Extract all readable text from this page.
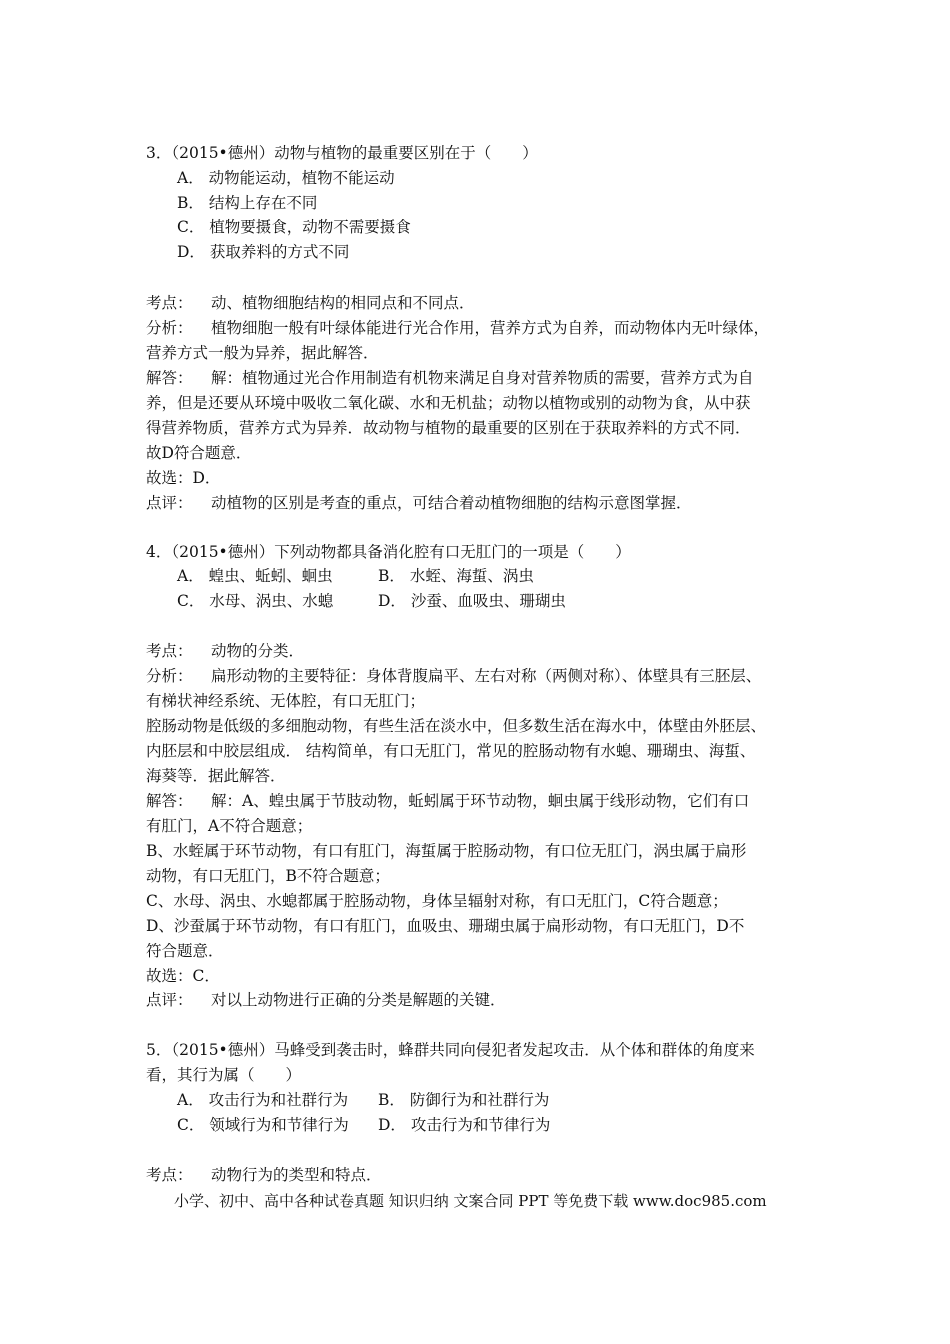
3．（2015•德州）动物与植物的最重要区别在于（　　）
A． 动物能运动，植物不能运动
B． 结构上存在不同
C． 植物要摄食，动物不需要摄食
D． 获取养料的方式不同
考点： 动、植物细胞结构的相同点和不同点．
分析： 植物细胞一般有叶绿体能进行光合作用，营养方式为自养，而动物体内无叶绿体，
营养方式一般为异养，据此解答．
解答： 解：植物通过光合作用制造有机物来满足自身对营养物质的需要，营养方式为自
养，但是还要从环境中吸收二氧化碳、水和无机盐；动物以植物或别的动物为食，从中获
得营养物质，营养方式为异养．故动物与植物的最重要的区别在于获取养料的方式不同．
故D符合题意．
故选：D．
点评： 动植物的区别是考查的重点，可结合着动植物细胞的结构示意图掌握．
4．（2015•德州）下列动物都具备消化腔有口无肛门的一项是（　　）
A． 蝗虫、蚯蚓、蛔虫	B． 水蛭、海蜇、涡虫
C． 水母、涡虫、水螅	D． 沙蚕、血吸虫、珊瑚虫
考点： 动物的分类．
分析： 扁形动物的主要特征：身体背腹扁平、左右对称（两侧对称）、体壁具有三胚层、
有梯状神经系统、无体腔，有口无肛门；
腔肠动物是低级的多细胞动物，有些生活在淡水中，但多数生活在海水中，体壁由外胚层、
内胚层和中胶层组成． 结构简单，有口无肛门，常见的腔肠动物有水螅、珊瑚虫、海蜇、
海葵等．据此解答．
解答： 解：A、蝗虫属于节肢动物，蚯蚓属于环节动物，蛔虫属于线形动物，它们有口
有肛门，A不符合题意；
B、水蛭属于环节动物，有口有肛门，海蜇属于腔肠动物，有口位无肛门，涡虫属于扁形
动物，有口无肛门，B不符合题意；
C、水母、涡虫、水螅都属于腔肠动物，身体呈辐射对称，有口无肛门，C符合题意；
D、沙蚕属于环节动物，有口有肛门，血吸虫、珊瑚虫属于扁形动物，有口无肛门，D不
符合题意．
故选：C．
点评： 对以上动物进行正确的分类是解题的关键．
5．（2015•德州）马蜂受到袭击时，蜂群共同向侵犯者发起攻击．从个体和群体的角度来
看，其行为属（　　）
A． 攻击行为和社群行为 B． 防御行为和社群行为
C． 领域行为和节律行为 D． 攻击行为和节律行为
考点： 动物行为的类型和特点．
小学、初中、高中各种试卷真题 知识归纳 文案合同 PPT 等免费下载 www.doc985.com
